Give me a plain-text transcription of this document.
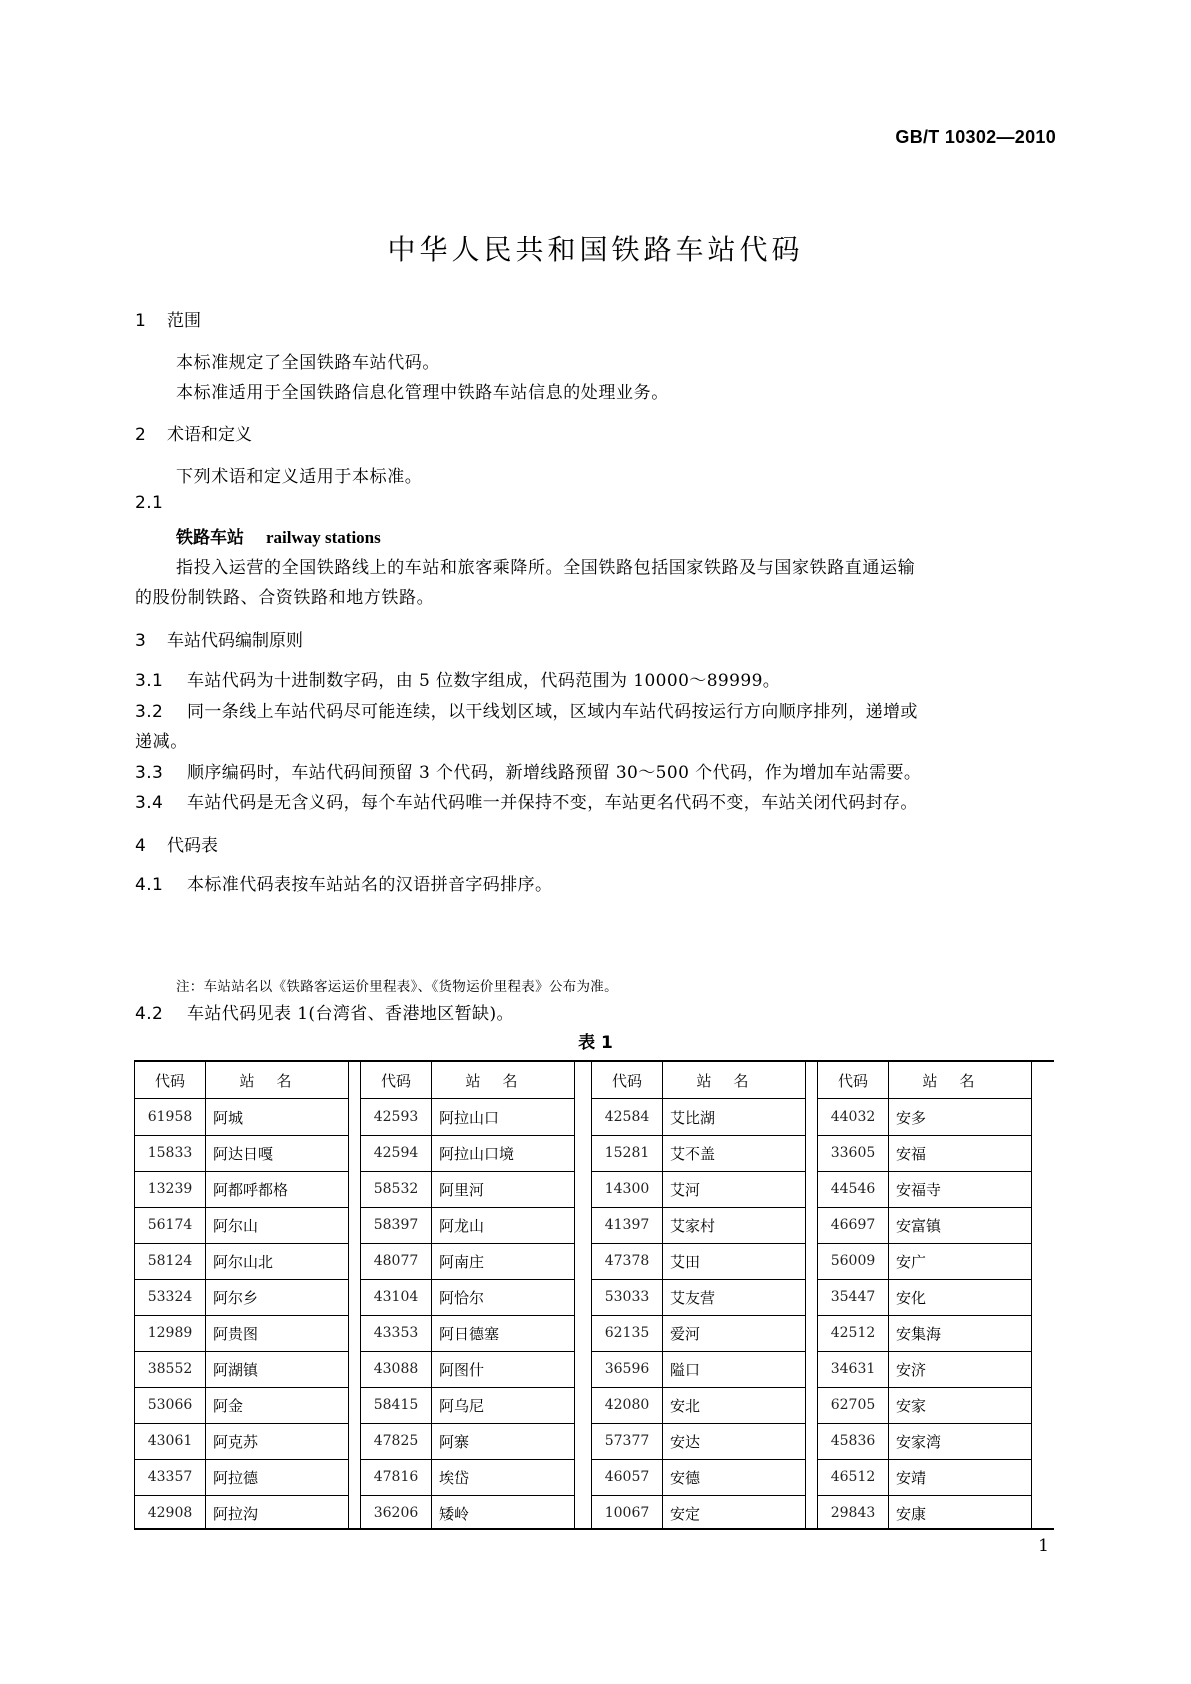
GB/T 10302—2010
中华人民共和国铁路车站代码
1 范围
本标准规定了全国铁路车站代码。
本标准适用于全国铁路信息化管理中铁路车站信息的处理业务。
2 术语和定义
下列术语和定义适用于本标准。
2.1
铁路车站 railway stations
指投入运营的全国铁路线上的车站和旅客乘降所。全国铁路包括国家铁路及与国家铁路直通运输
的股份制铁路、合资铁路和地方铁路。
3 车站代码编制原则
3.1 车站代码为十进制数字码，由 5 位数字组成，代码范围为 10000～89999。
3.2 同一条线上车站代码尽可能连续，以干线划区域，区域内车站代码按运行方向顺序排列，递增或
递减。
3.3 顺序编码时，车站代码间预留 3 个代码，新增线路预留 30～500 个代码，作为增加车站需要。
3.4 车站代码是无含义码，每个车站代码唯一并保持不变，车站更名代码不变，车站关闭代码封存。
4 代码表
4.1 本标准代码表按车站站名的汉语拼音字码排序。
注：车站站名以《铁路客运运价里程表》、《货物运价里程表》公布为准。
4.2 车站代码见表 1(台湾省、香港地区暂缺)。
表 1
代码	站名
61958	阿城
15833	阿达日嘎
13239	阿都呼都格
56174	阿尔山
58124	阿尔山北
53324	阿尔乡
12989	阿贵图
38552	阿湖镇
53066	阿金
43061	阿克苏
43357	阿拉德
42908	阿拉沟
代码	站名
42593	阿拉山口
42594	阿拉山口境
58532	阿里河
58397	阿龙山
48077	阿南庄
43104	阿恰尔
43353	阿日德塞
43088	阿图什
58415	阿乌尼
47825	阿寨
47816	埃岱
36206	矮岭
代码	站名
42584	艾比湖
15281	艾不盖
14300	艾河
41397	艾家村
47378	艾田
53033	艾友营
62135	爱河
36596	隘口
42080	安北
57377	安达
46057	安德
10067	安定
代码	站名
44032	安多
33605	安福
44546	安福寺
46697	安富镇
56009	安广
35447	安化
42512	安集海
34631	安济
62705	安家
45836	安家湾
46512	安靖
29843	安康
1
